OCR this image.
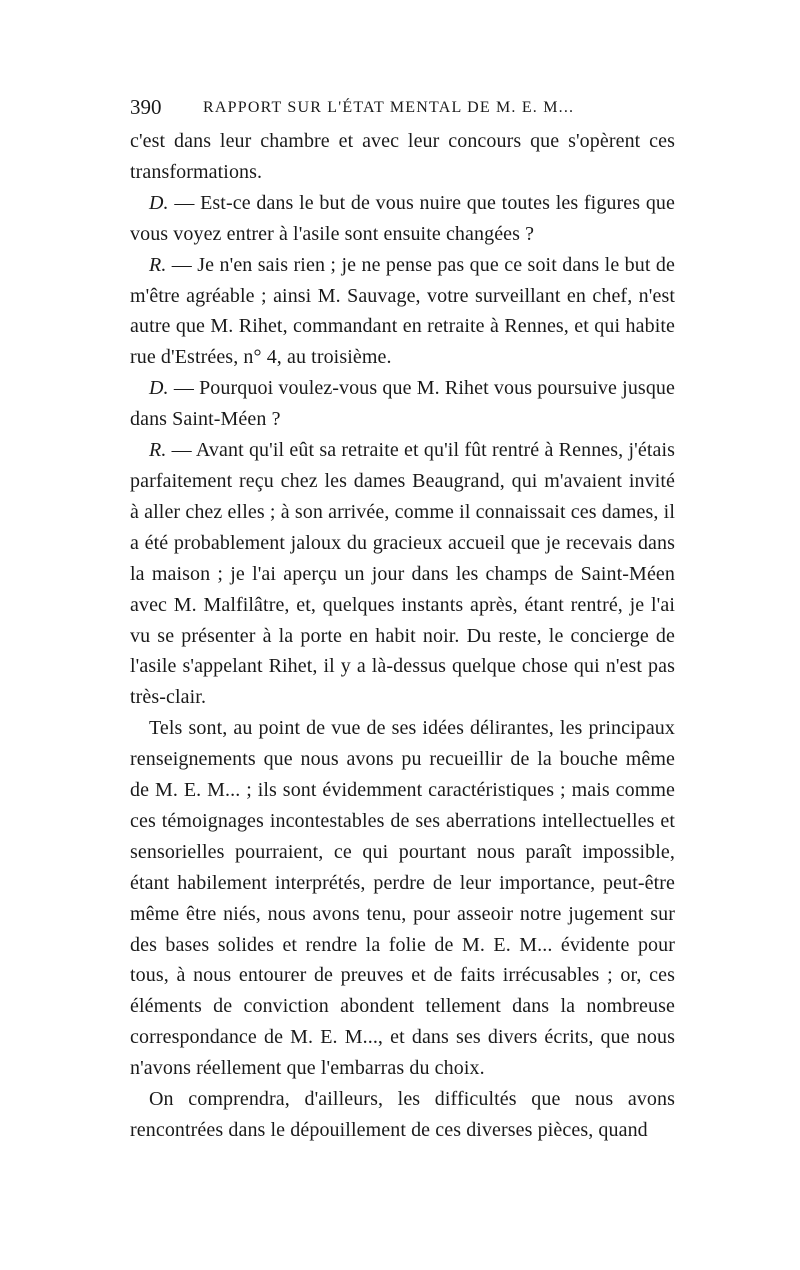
390	RAPPORT SUR L'ÉTAT MENTAL DE M. E. M...

c'est dans leur chambre et avec leur concours que s'opèrent ces transformations.

D. — Est-ce dans le but de vous nuire que toutes les figures que vous voyez entrer à l'asile sont ensuite changées ?

R. — Je n'en sais rien ; je ne pense pas que ce soit dans le but de m'être agréable ; ainsi M. Sauvage, votre surveillant en chef, n'est autre que M. Rihet, commandant en retraite à Rennes, et qui habite rue d'Estrées, n° 4, au troisième.

D. — Pourquoi voulez-vous que M. Rihet vous poursuive jusque dans Saint-Méen ?

R. — Avant qu'il eût sa retraite et qu'il fût rentré à Rennes, j'étais parfaitement reçu chez les dames Beaugrand, qui m'avaient invité à aller chez elles ; à son arrivée, comme il connaissait ces dames, il a été probablement jaloux du gracieux accueil que je recevais dans la maison ; je l'ai aperçu un jour dans les champs de Saint-Méen avec M. Malfilâtre, et, quelques instants après, étant rentré, je l'ai vu se présenter à la porte en habit noir. Du reste, le concierge de l'asile s'appelant Rihet, il y a là-dessus quelque chose qui n'est pas très-clair.

Tels sont, au point de vue de ses idées délirantes, les principaux renseignements que nous avons pu recueillir de la bouche même de M. E. M... ; ils sont évidemment caractéristiques ; mais comme ces témoignages incontestables de ses aberrations intellectuelles et sensorielles pourraient, ce qui pourtant nous paraît impossible, étant habilement interprétés, perdre de leur importance, peut-être même être niés, nous avons tenu, pour asseoir notre jugement sur des bases solides et rendre la folie de M. E. M... évidente pour tous, à nous entourer de preuves et de faits irrécusables ; or, ces éléments de conviction abondent tellement dans la nombreuse correspondance de M. E. M..., et dans ses divers écrits, que nous n'avons réellement que l'embarras du choix.

On comprendra, d'ailleurs, les difficultés que nous avons rencontrées dans le dépouillement de ces diverses pièces, quand
